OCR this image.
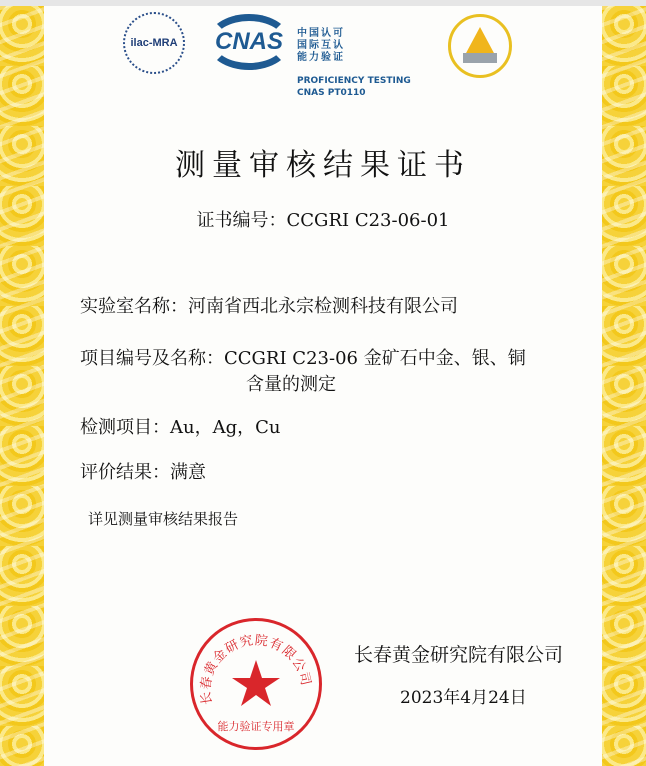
ilac-MRA CNAS 中国认可
国际互认
能力验证
PROFICIENCY TESTING
CNAS PT0110
测量审核结果证书
证书编号：CCGRI C23-06-01
实验室名称：河南省西北永宗检测科技有限公司
项目编号及名称：CCGRI C23-06 金矿石中金、银、铜
含量的测定
检测项目：Au，Ag，Cu
评价结果：满意
详见测量审核结果报告
长春黄金研究院有限公司
能力验证专用章
长春黄金研究院有限公司
2023年4月24日
